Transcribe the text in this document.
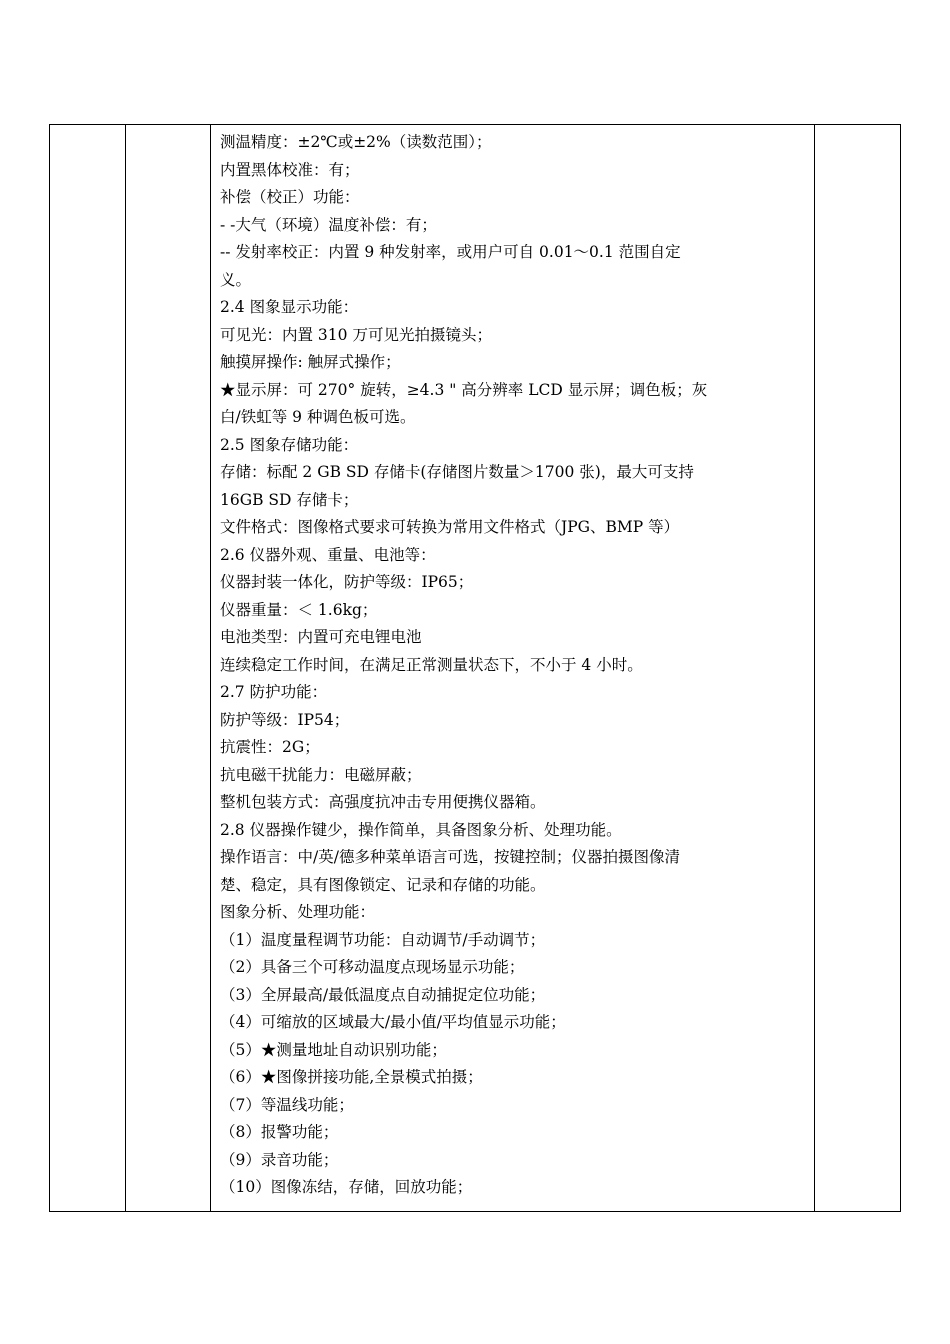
测温精度：±2℃或±2%（读数范围）；
内置黑体校准：有；
补偿（校正）功能：
- -大气（环境）温度补偿：有；
-- 发射率校正：内置 9 种发射率，或用户可自 0.01～0.1 范围自定
义。
2.4 图象显示功能：
可见光：内置 310 万可见光拍摄镜头；
触摸屏操作: 触屏式操作；
★显示屏：可 270° 旋转，≥4.3 " 高分辨率 LCD 显示屏；调色板；灰
白/铁虹等 9 种调色板可选。
2.5 图象存储功能：
存储：标配 2 GB SD 存储卡(存储图片数量＞1700 张)，最大可支持
16GB SD 存储卡；
文件格式：图像格式要求可转换为常用文件格式（JPG、BMP 等）
2.6 仪器外观、重量、电池等：
仪器封装一体化，防护等级：IP65；
仪器重量：＜ 1.6kg；
电池类型：内置可充电锂电池
连续稳定工作时间，在满足正常测量状态下，不小于 4 小时。
2.7 防护功能：
防护等级：IP54；
抗震性：2G；
抗电磁干扰能力：电磁屏蔽；
整机包装方式：高强度抗冲击专用便携仪器箱。
2.8 仪器操作键少，操作简单，具备图象分析、处理功能。
操作语言：中/英/德多种菜单语言可选，按键控制；仪器拍摄图像清
楚、稳定，具有图像锁定、记录和存储的功能。
图象分析、处理功能：
（1）温度量程调节功能：自动调节/手动调节；
（2）具备三个可移动温度点现场显示功能；
（3）全屏最高/最低温度点自动捕捉定位功能；
（4）可缩放的区域最大/最小值/平均值显示功能；
（5）★测量地址自动识别功能；
（6）★图像拼接功能,全景模式拍摄；
（7）等温线功能；
（8）报警功能；
（9）录音功能；
（10）图像冻结，存储，回放功能；
